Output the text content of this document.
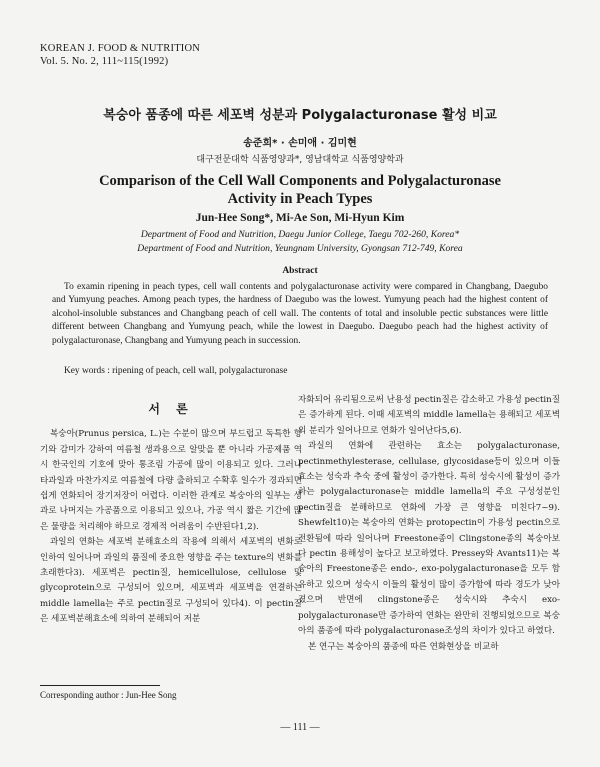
KOREAN J. FOOD & NUTRITION
Vol. 5. No. 2, 111~115(1992)
복숭아 품종에 따른 세포벽 성분과 Polygalacturonase 활성 비교
송준희* · 손미애 · 김미현
대구전문대학 식품영양과*, 영남대학교 식품영양학과
Comparison of the Cell Wall Components and Polygalacturonase
Activity in Peach Types
Jun-Hee Song*, Mi-Ae Son, Mi-Hyun Kim
Department of Food and Nutrition, Daegu Junior College, Taegu 702-260, Korea*
Department of Food and Nutrition, Yeungnam University, Gyongsan 712-749, Korea
Abstract

To examin ripening in peach types, cell wall contents and polygalacturonase activity were compared in Changbang, Daegubo and Yumyung peaches. Among peach types, the hardness of Daegubo was the lowest. Yumyung peach had the highest content of alcohol-insoluble substances and Changbang peach of cell wall. The contents of total and insoluble pectic substances were little different between Changbang and Yumyung peach, while the lowest in Daegubo. Daegubo peach had the highest activity of polygalacturonase, Changbang and Yumyung peach in succession.

Key words : ripening of peach, cell wall, polygalacturonase
서 론

복숭아(Prunus persica, L.)는 수분이 많으며 부드럽고 독특한 향기와 감미가 강하여 여름철 생과용으로 알맞을 뿐 아니라 가공제품 역시 한국인의 기호에 맞아 통조림 가공에 많이 이용되고 있다. 그러나 타과일과 마찬가지로 여름철에 다량 출하되고 수확후 일수가 경과되면 쉽게 연화되어 장기저장이 어렵다. 이러한 관계로 복숭아의 일부는 생과로 나머지는 가공품으로 이용되고 있으나, 가공 역시 짧은 기간에 많은 물량을 처리해야 하므로 경제적 어려움이 수반된다1,2).

과일의 연화는 세포벽 분해효소의 작용에 의해서 세포벽의 변화로 인하여 일어나며 과일의 품질에 중요한 영향을 주는 texture의 변화를 초래한다3). 세포벽은 pectin질, hemicellulose, cellulose 및 glycoprotein으로 구성되어 있으며, 세포벽과 세포벽을 연결하는 middle lamella는 주로 pectin질로 구성되어 있다4). 이 pectin질은 세포벽분해효소에 의하여 분해되어 저분

자화되어 유리됨으로써 난용성 pectin질은 감소하고 가용성 pectin질은 증가하게 된다. 이때 세포벽의 middle lamella는 용해되고 세포벽의 분리가 일어나므로 연화가 일어난다5,6).

과실의 연화에 관련하는 효소는 polygalacturonase, pectinmethylesterase, cellulase, glycosidase등이 있으며 이들 효소는 성숙과 추숙 중에 활성이 증가한다. 특히 성숙시에 활성이 증가하는 polygalacturonase는 middle lamella의 주요 구성성분인 pectin질을 분해하므로 연화에 가장 큰 영향을 미친다7~9). Shewfelt10)는 복숭아의 연화는 protopectin이 가용성 pectin으로 전환됨에 따라 일어나며 Freestone종이 Clingstone종의 복숭아보다 pectin 용해성이 높다고 보고하였다. Pressey와 Avants11)는 복숭아의 Freestone종은 endo-, exo-polygalacturonase을 모두 함유하고 있으며 성숙시 이들의 활성이 많이 증가함에 따라 경도가 낮아졌으며 반면에 clingstone종은 성숙시와 추숙시 exo-polygalacturonase만 증가하여 연화는 완만히 진행되었으므로 복숭아의 품종에 따라 polygalacturonase조성의 차이가 있다고 하였다.

본 연구는 복숭아의 품종에 따른 연화현상을 비교하

Corresponding author : Jun-Hee Song
— 111 —
